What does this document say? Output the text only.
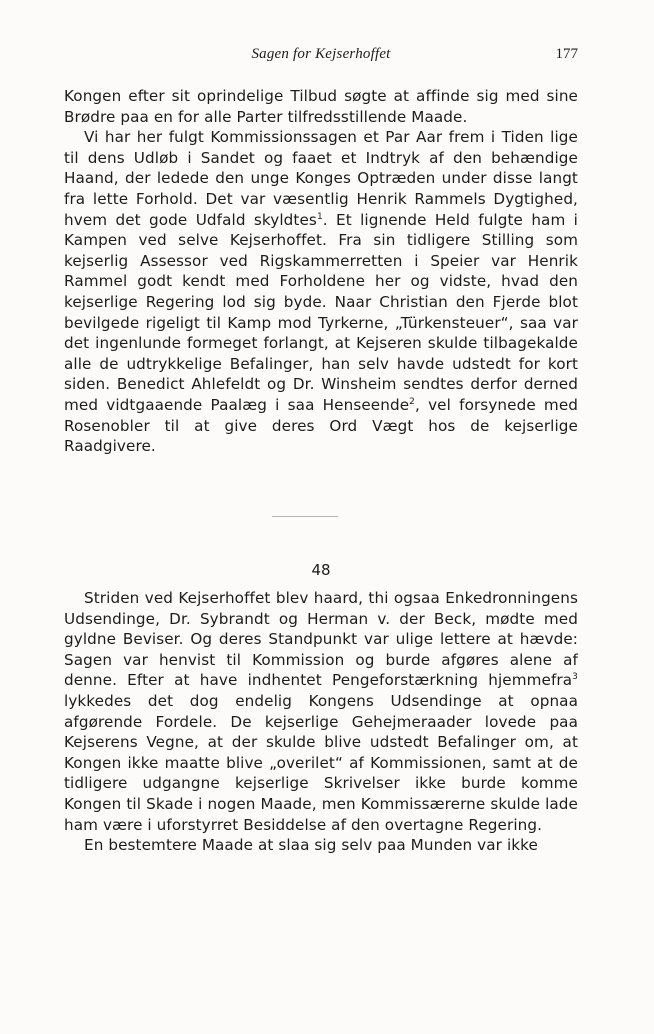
Sagen for Kejserhoffet	177

Kongen efter sit oprindelige Tilbud søgte at affinde sig med sine Brødre paa en for alle Parter tilfredsstillende Maade.

Vi har her fulgt Kommissionssagen et Par Aar frem i Tiden lige til dens Udløb i Sandet og faaet et Indtryk af den behændige Haand, der ledede den unge Konges Optræden under disse langt fra lette Forhold. Det var væsentlig Henrik Rammels Dygtighed, hvem det gode Udfald skyldtes$^1$. Et lignende Held fulgte ham i Kampen ved selve Kejserhoffet. Fra sin tidligere Stilling som kejserlig Assessor ved Rigskammerretten i Speier var Henrik Rammel godt kendt med Forholdene her og vidste, hvad den kejserlige Regering lod sig byde. Naar Christian den Fjerde blot bevilgede rigeligt til Kamp mod Tyrkerne, „Türkensteuer“, saa var det ingenlunde formeget forlangt, at Kejseren skulde tilbagekalde alle de udtrykkelige Befalinger, han selv havde udstedt for kort siden. Benedict Ahlefeldt og Dr. Winsheim sendtes derfor derned med vidtgaaende Paalæg i saa Henseende$^2$, vel forsynede med Rosenobler til at give deres Ord Vægt hos de kejserlige Raadgivere.

48

Striden ved Kejserhoffet blev haard, thi ogsaa Enkedronningens Udsendinge, Dr. Sybrandt og Herman v. der Beck, mødte med gyldne Beviser. Og deres Standpunkt var ulige lettere at hævde: Sagen var henvist til Kommission og burde afgøres alene af denne. Efter at have indhentet Pengeforstærkning hjemmefra$^3$ lykkedes det dog endelig Kongens Udsendinge at opnaa afgørende Fordele. De kejserlige Gehejmeraader lovede paa Kejserens Vegne, at der skulde blive udstedt Befalinger om, at Kongen ikke maatte blive „overilet“ af Kommissionen, samt at de tidligere udgangne kejserlige Skrivelser ikke burde komme Kongen til Skade i nogen Maade, men Kommissærerne skulde lade ham være i uforstyrret Besiddelse af den overtagne Regering.

En bestemtere Maade at slaa sig selv paa Munden var ikke
